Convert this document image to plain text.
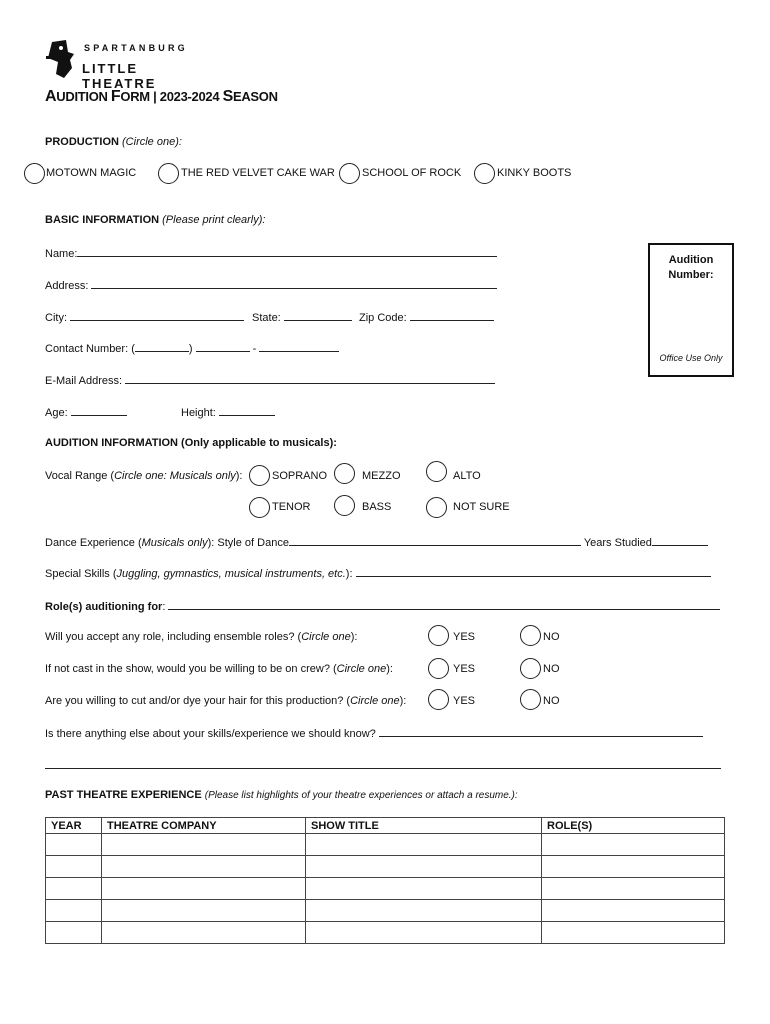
SPARTANBURG
LITTLE THEATRE
AUDITION FORM | 2023-2024 SEASON
PRODUCTION (Circle one):
MOTOWN MAGIC	THE RED VELVET CAKE WAR SCHOOL OF ROCK	KINKY BOOTS
BASIC INFORMATION (Please print clearly):
Name:
Address:
City:	State:	Zip Code:
Contact Number: (	)	-
E-Mail Address:
Age:	Height:
Audition
Number:
Office Use Only
AUDITION INFORMATION (Only applicable to musicals):
Vocal Range (Circle one: Musicals only):	SOPRANO	MEZZO	ALTO
TENOR	BASS	NOT SURE
Dance Experience (Musicals only): Style of Dance	Years Studied
Special Skills (Juggling, gymnastics, musical instruments, etc.):
Role(s) auditioning for:
Will you accept any role, including ensemble roles? (Circle one):	YES	NO
If not cast in the show, would you be willing to be on crew? (Circle one):	YES	NO
Are you willing to cut and/or dye your hair for this production? (Circle one):	YES	NO
Is there anything else about your skills/experience we should know?
PAST THEATRE EXPERIENCE (Please list highlights of your theatre experiences or attach a resume.):
YEAR	THEATRE COMPANY	SHOW TITLE	ROLE(S)
